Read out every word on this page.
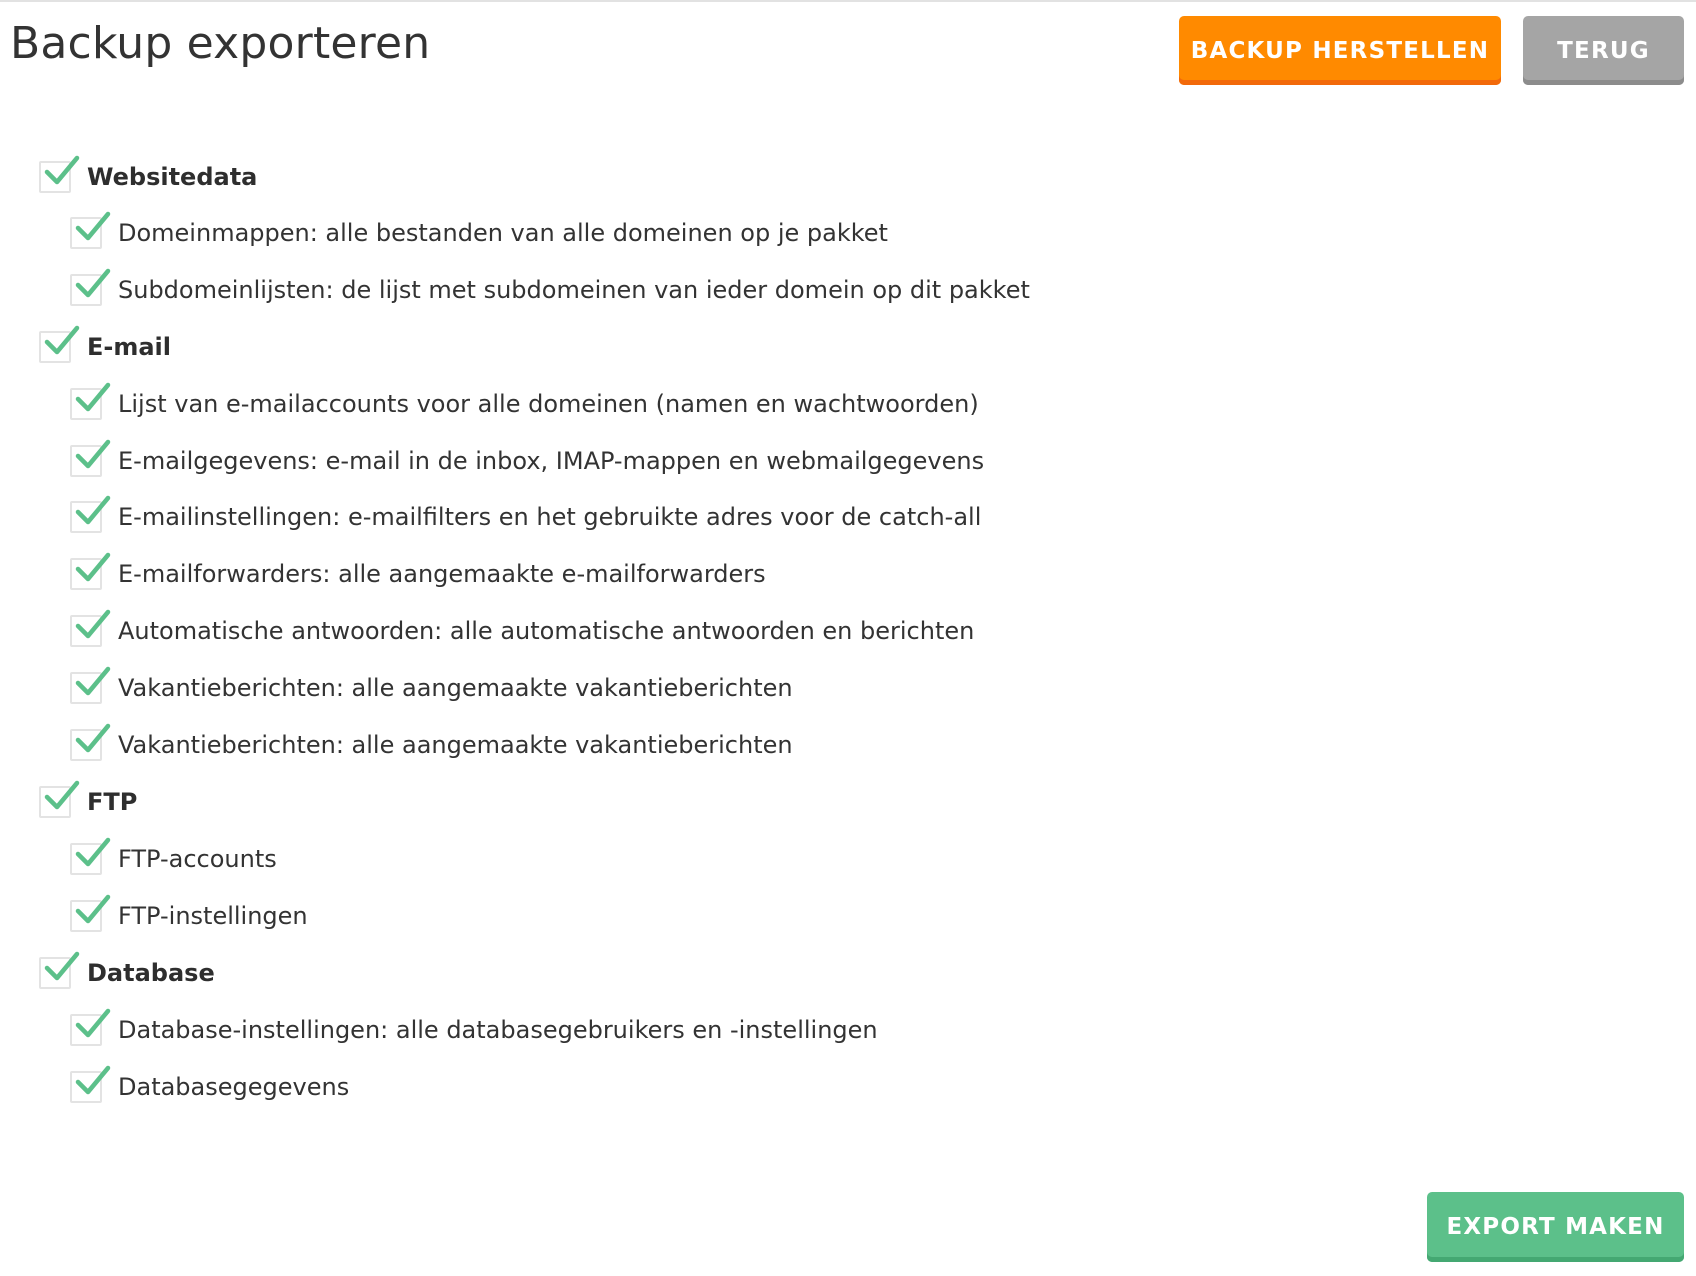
Backup exporteren	BACKUP HERSTELLEN	TERUG
Websitedata
Domeinmappen: alle bestanden van alle domeinen op je pakket
Subdomeinlijsten: de lijst met subdomeinen van ieder domein op dit pakket
E-mail
Lijst van e-mailaccounts voor alle domeinen (namen en wachtwoorden)
E-mailgegevens: e-mail in de inbox, IMAP-mappen en webmailgegevens
E-mailinstellingen: e-mailfilters en het gebruikte adres voor de catch-all
E-mailforwarders: alle aangemaakte e-mailforwarders
Automatische antwoorden: alle automatische antwoorden en berichten
Vakantieberichten: alle aangemaakte vakantieberichten
Vakantieberichten: alle aangemaakte vakantieberichten
FTP
FTP-accounts
FTP-instellingen
Database
Database-instellingen: alle databasegebruikers en -instellingen
Databasegegevens
EXPORT MAKEN
